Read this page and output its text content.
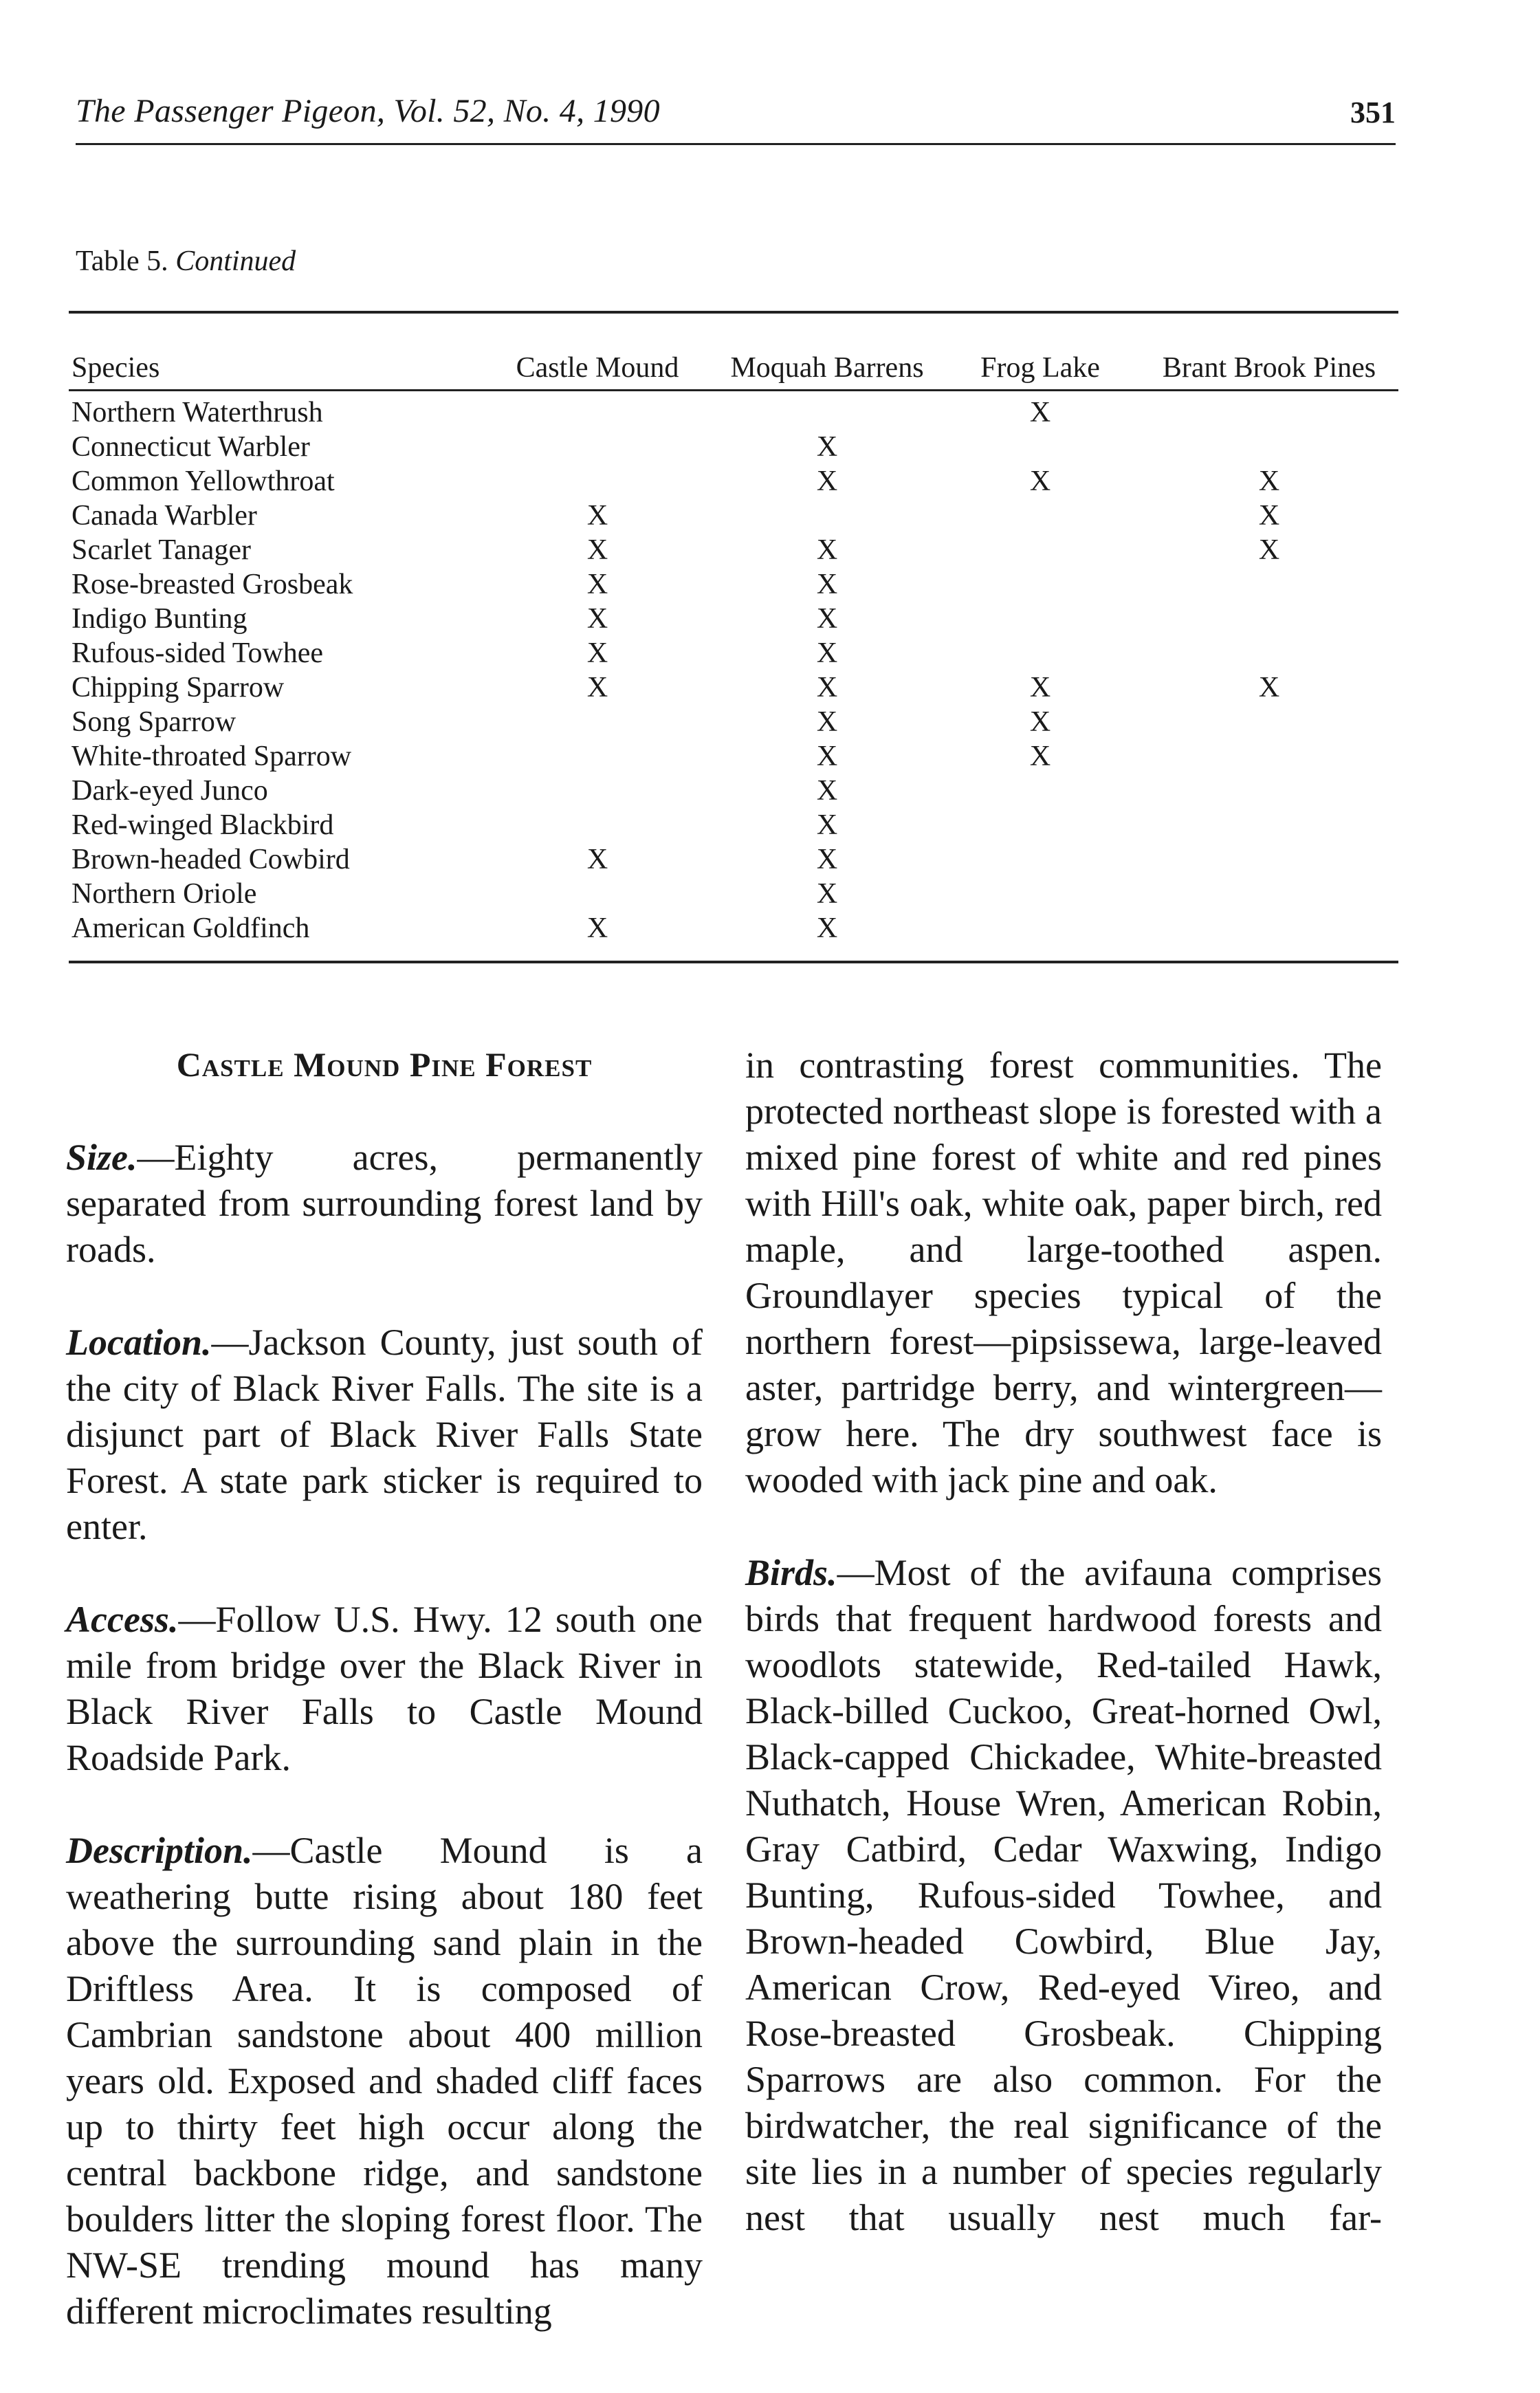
The Passenger Pigeon, Vol. 52, No. 4, 1990	351
Table 5. Continued
Species	Castle Mound	Moquah Barrens	Frog Lake	Brant Brook Pines
Northern Waterthrush			X	
Connecticut Warbler		X		
Common Yellowthroat		X	X	X
Canada Warbler	X			X
Scarlet Tanager	X	X		X
Rose-breasted Grosbeak	X	X		
Indigo Bunting	X	X		
Rufous-sided Towhee	X	X		
Chipping Sparrow	X	X	X	X
Song Sparrow		X	X	
White-throated Sparrow		X	X	
Dark-eyed Junco		X		
Red-winged Blackbird		X		
Brown-headed Cowbird	X	X		
Northern Oriole		X		
American Goldfinch	X	X		
Castle Mound Pine Forest

Size.—Eighty acres, permanently separated from surrounding forest land by roads.

Location.—Jackson County, just south of the city of Black River Falls. The site is a disjunct part of Black River Falls State Forest. A state park sticker is required to enter.

Access.—Follow U.S. Hwy. 12 south one mile from bridge over the Black River in Black River Falls to Castle Mound Roadside Park.

Description.—Castle Mound is a weathering butte rising about 180 feet above the surrounding sand plain in the Driftless Area. It is composed of Cambrian sandstone about 400 million years old. Exposed and shaded cliff faces up to thirty feet high occur along the central backbone ridge, and sandstone boulders litter the sloping forest floor. The NW-SE trending mound has many different microclimates resulting

in contrasting forest communities. The protected northeast slope is forested with a mixed pine forest of white and red pines with Hill's oak, white oak, paper birch, red maple, and large-toothed aspen. Groundlayer species typical of the northern forest—pipsissewa, large-leaved aster, partridge berry, and wintergreen—grow here. The dry southwest face is wooded with jack pine and oak.

Birds.—Most of the avifauna comprises birds that frequent hardwood forests and woodlots statewide, Red-tailed Hawk, Black-billed Cuckoo, Great-horned Owl, Black-capped Chickadee, White-breasted Nuthatch, House Wren, American Robin, Gray Catbird, Cedar Waxwing, Indigo Bunting, Rufous-sided Towhee, and Brown-headed Cowbird, Blue Jay, American Crow, Red-eyed Vireo, and Rose-breasted Grosbeak. Chipping Sparrows are also common. For the birdwatcher, the real significance of the site lies in a number of species regularly nest that usually nest much far-
